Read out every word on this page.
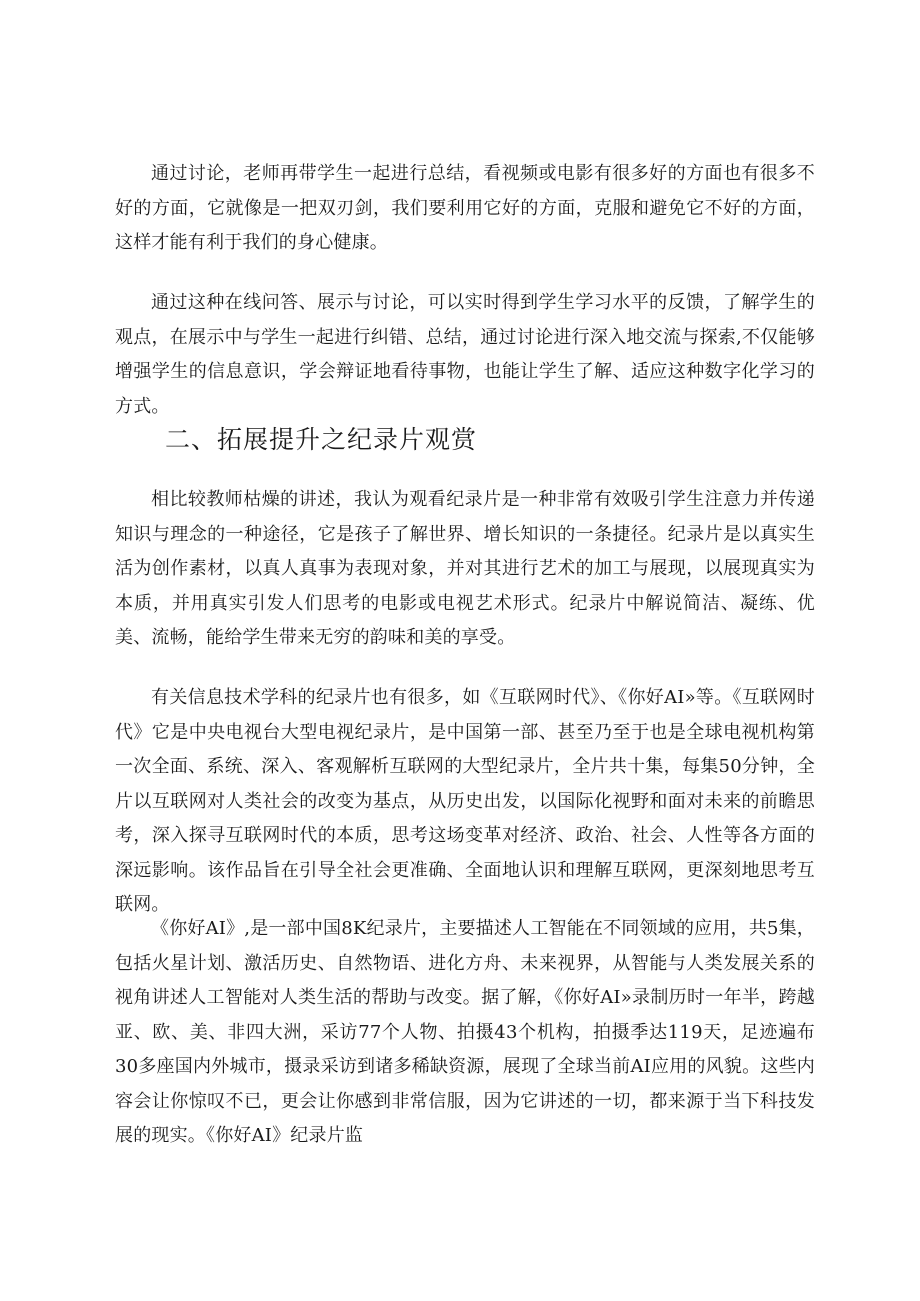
通过讨论，老师再带学生一起进行总结，看视频或电影有很多好的方面也有很多不好的方面，它就像是一把双刃剑，我们要利用它好的方面，克服和避免它不好的方面，这样才能有利于我们的身心健康。

通过这种在线问答、展示与讨论，可以实时得到学生学习水平的反馈，了解学生的观点，在展示中与学生一起进行纠错、总结，通过讨论进行深入地交流与探索,不仅能够增强学生的信息意识，学会辩证地看待事物，也能让学生了解、适应这种数字化学习的方式。

二、拓展提升之纪录片观赏

相比较教师枯燥的讲述，我认为观看纪录片是一种非常有效吸引学生注意力并传递知识与理念的一种途径，它是孩子了解世界、增长知识的一条捷径。纪录片是以真实生活为创作素材，以真人真事为表现对象，并对其进行艺术的加工与展现，以展现真实为本质，并用真实引发人们思考的电影或电视艺术形式。纪录片中解说简洁、凝练、优美、流畅，能给学生带来无穷的韵味和美的享受。

有关信息技术学科的纪录片也有很多，如《互联网时代》、《你好AI»等。《互联网时代》它是中央电视台大型电视纪录片，是中国第一部、甚至乃至于也是全球电视机构第一次全面、系统、深入、客观解析互联网的大型纪录片，全片共十集，每集50分钟，全片以互联网对人类社会的改变为基点，从历史出发，以国际化视野和面对未来的前瞻思考，深入探寻互联网时代的本质，思考这场变革对经济、政治、社会、人性等各方面的深远影响。该作品旨在引导全社会更准确、全面地认识和理解互联网，更深刻地思考互联网。

《你好AI》,是一部中国8K纪录片，主要描述人工智能在不同领域的应用，共5集，包括火星计划、激活历史、自然物语、进化方舟、未来视界，从智能与人类发展关系的视角讲述人工智能对人类生活的帮助与改变。据了解，《你好AI»录制历时一年半，跨越亚、欧、美、非四大洲，采访77个人物、拍摄43个机构，拍摄季达119天，足迹遍布30多座国内外城市，摄录采访到诸多稀缺资源，展现了全球当前AI应用的风貌。这些内容会让你惊叹不已，更会让你感到非常信服，因为它讲述的一切，都来源于当下科技发展的现实。《你好AI》纪录片监
